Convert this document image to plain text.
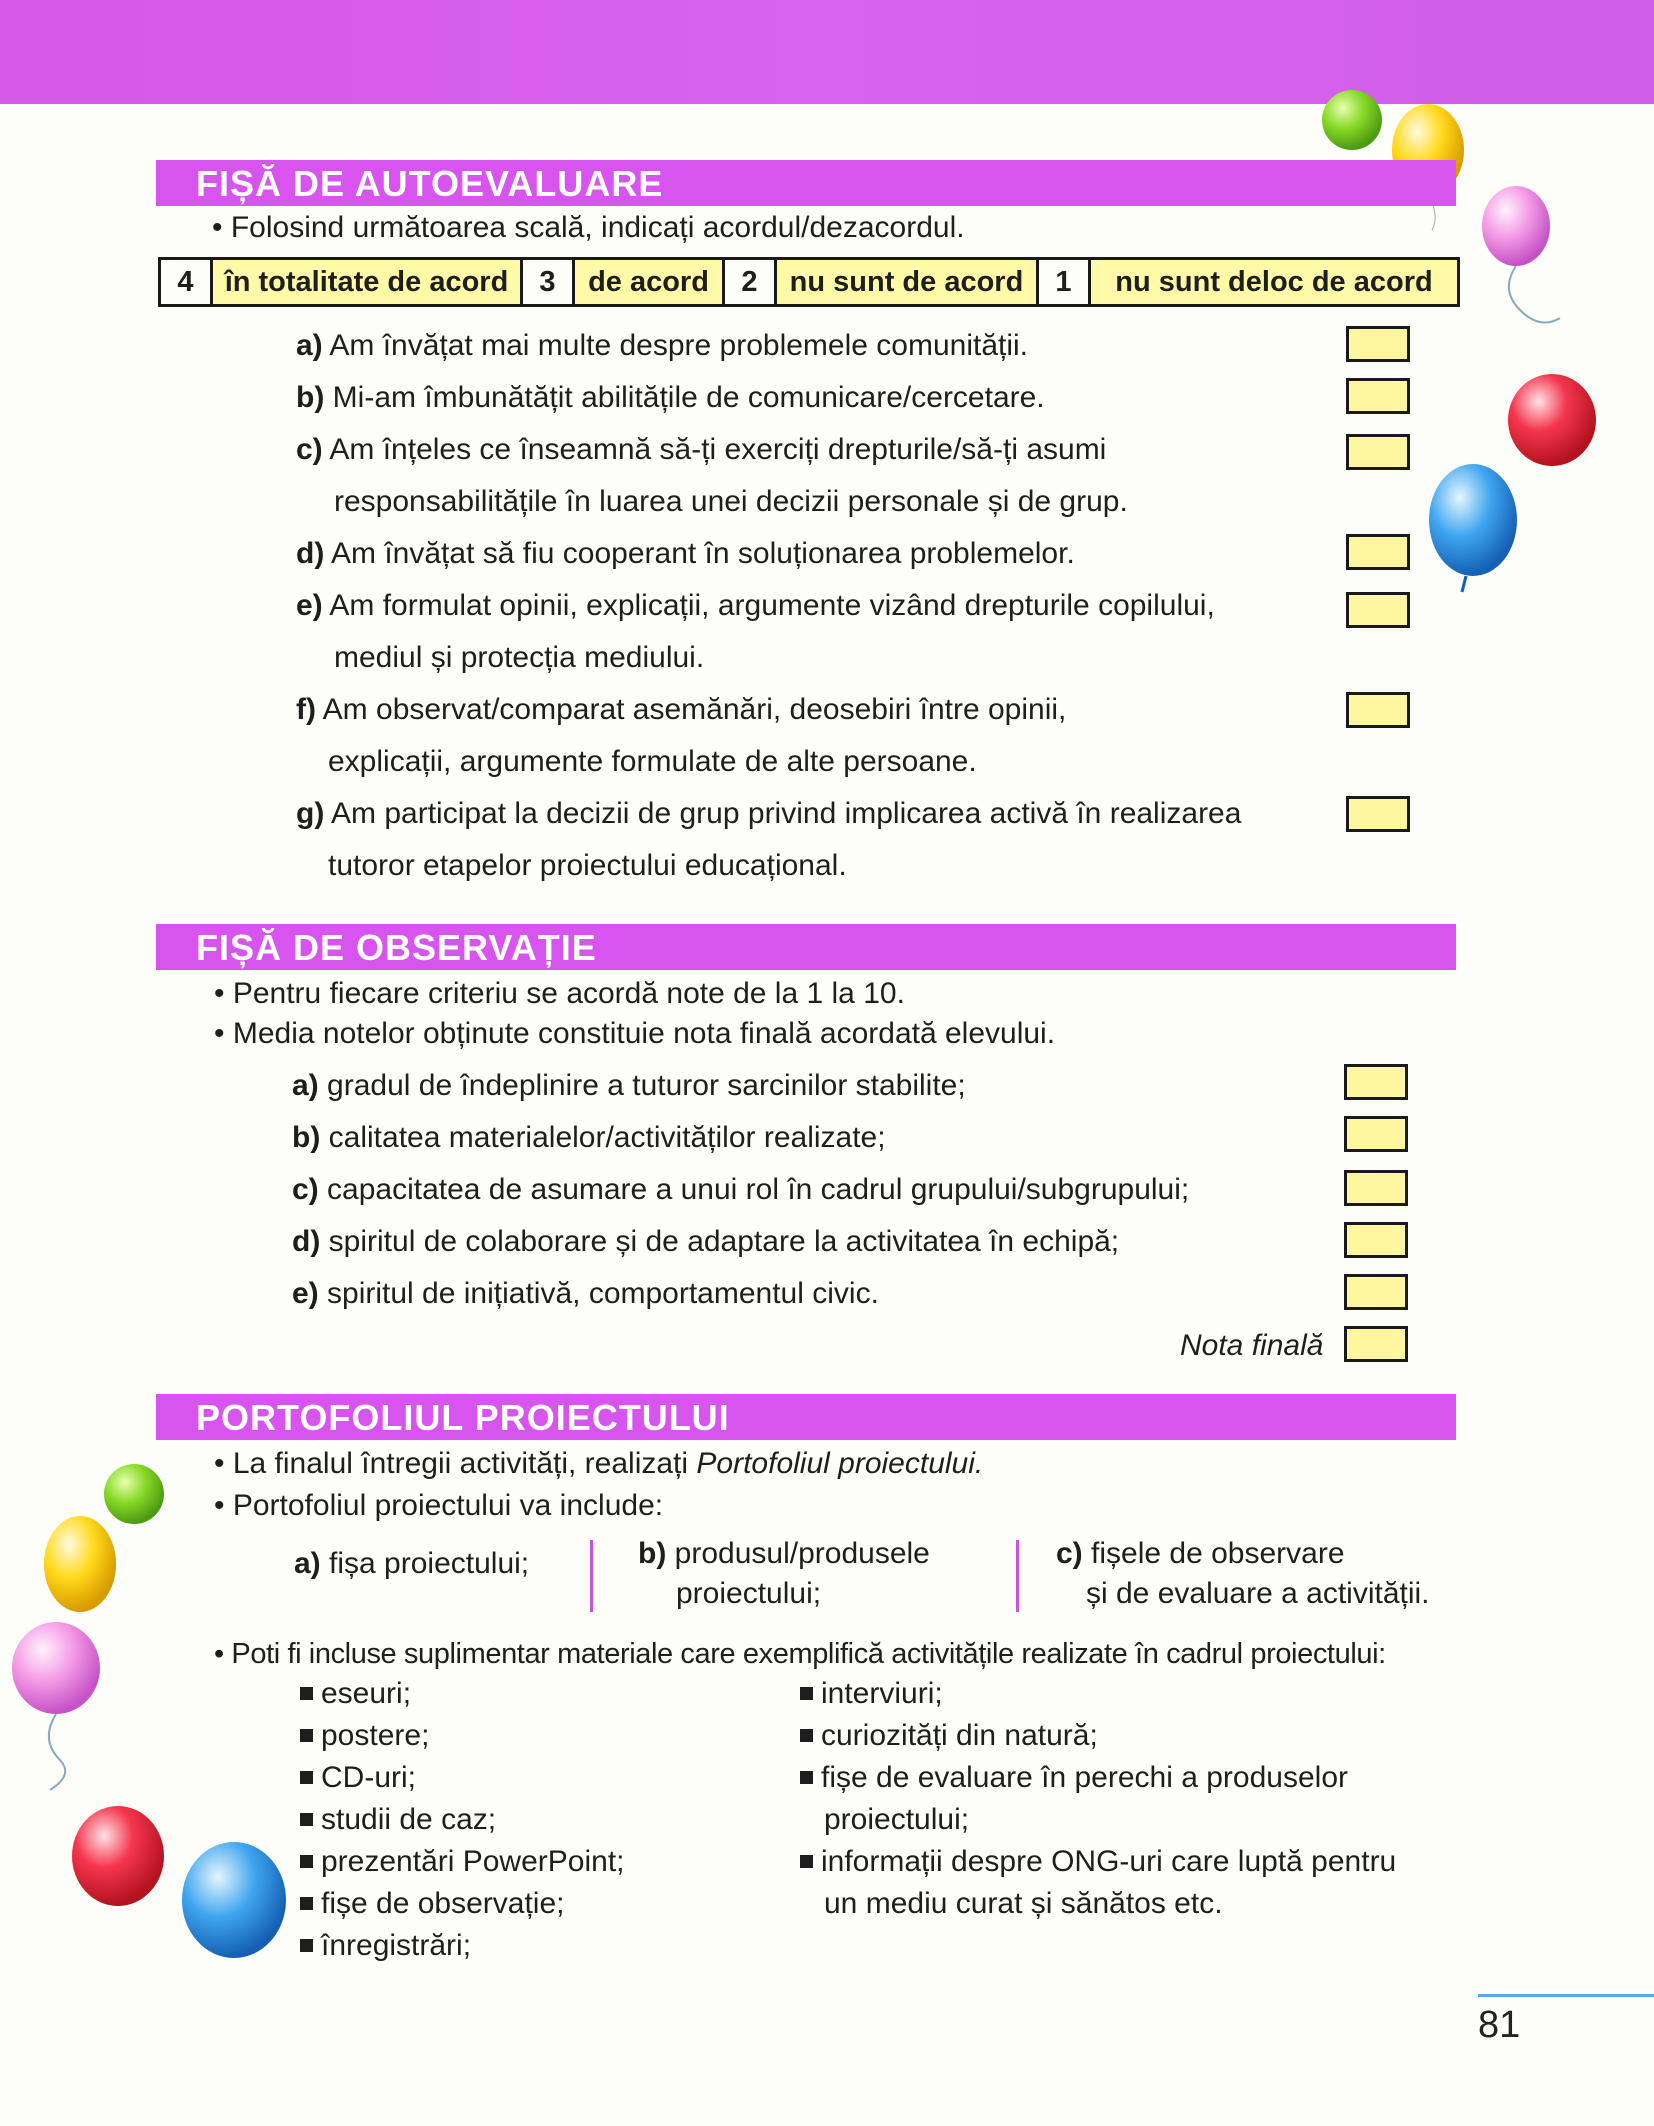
FIȘĂ DE AUTOEVALUARE
• Folosind următoarea scală, indicați acordul/dezacordul.
4	în totalitate de acord	3	de acord	2	nu sunt de acord	1	nu sunt deloc de acord
a) Am învățat mai multe despre problemele comunității.
b) Mi-am îmbunătățit abilitățile de comunicare/cercetare.
c) Am înțeles ce înseamnă să-ți exerciți drepturile/să-ți asumi
responsabilitățile în luarea unei decizii personale și de grup.
d) Am învățat să fiu cooperant în soluționarea problemelor.
e) Am formulat opinii, explicații, argumente vizând drepturile copilului,
mediul și protecția mediului.
f) Am observat/comparat asemănări, deosebiri între opinii,
explicații, argumente formulate de alte persoane.
g) Am participat la decizii de grup privind implicarea activă în realizarea
tutoror etapelor proiectului educațional.
FIȘĂ DE OBSERVAȚIE
• Pentru fiecare criteriu se acordă note de la 1 la 10.
• Media notelor obținute constituie nota finală acordată elevului.
a) gradul de îndeplinire a tuturor sarcinilor stabilite;
b) calitatea materialelor/activităților realizate;
c) capacitatea de asumare a unui rol în cadrul grupului/subgrupului;
d) spiritul de colaborare și de adaptare la activitatea în echipă;
e) spiritul de inițiativă, comportamentul civic.
Nota finală
PORTOFOLIUL PROIECTULUI
• La finalul întregii activități, realizați Portofoliul proiectului.
• Portofoliul proiectului va include:
a) fișa proiectului;	b) produsul/produsele
proiectului;
c) fișele de observare
și de evaluare a activității.
• Poti fi incluse suplimentar materiale care exemplifică activitățile realizate în cadrul proiectului:
eseuri;
postere;
CD-uri;
studii de caz;
prezentări PowerPoint;
fișe de observație;
înregistrări;
interviuri;
curiozități din natură;
fișe de evaluare în perechi a produselor
proiectului;
informații despre ONG-uri care luptă pentru
un mediu curat și sănătos etc.
81
